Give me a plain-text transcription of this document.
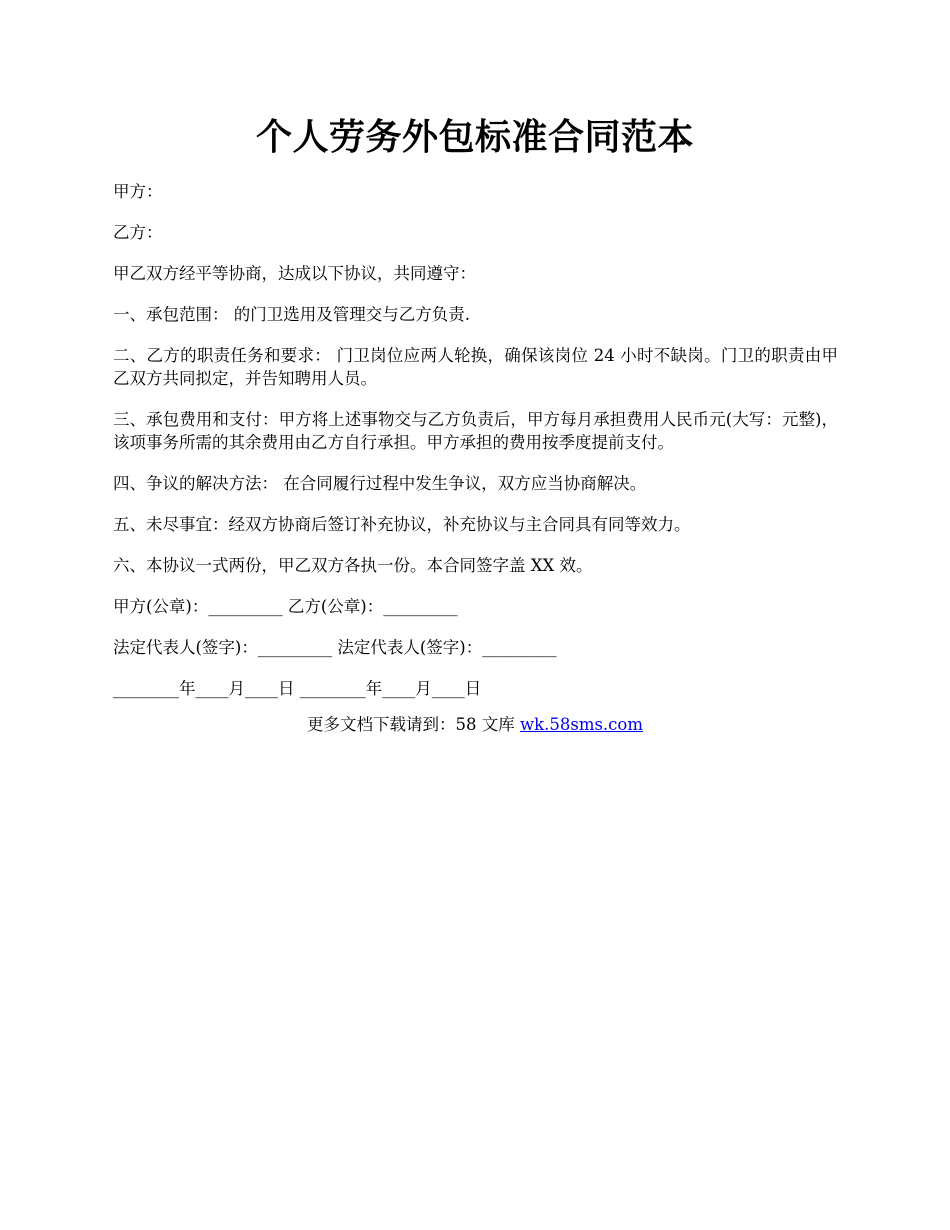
个人劳务外包标准合同范本

甲方：

乙方：

甲乙双方经平等协商，达成以下协议，共同遵守：

一、承包范围： 的门卫选用及管理交与乙方负责.

二、乙方的职责任务和要求： 门卫岗位应两人轮换，确保该岗位 24 小时不缺岗。门卫的职责由甲乙双方共同拟定，并告知聘用人员。

三、承包费用和支付：甲方将上述事物交与乙方负责后，甲方每月承担费用人民币元(大写：元整)，该项事务所需的其余费用由乙方自行承担。甲方承担的费用按季度提前支付。

四、争议的解决方法： 在合同履行过程中发生争议，双方应当协商解决。

五、未尽事宜：经双方协商后签订补充协议，补充协议与主合同具有同等效力。

六、本协议一式两份，甲乙双方各执一份。本合同签字盖 XX 效。

甲方(公章)：_________ 乙方(公章)：_________

法定代表人(签字)：_________ 法定代表人(签字)：_________

________年____月____日 ________年____月____日

更多文档下载请到：58 文库 wk.58sms.com
